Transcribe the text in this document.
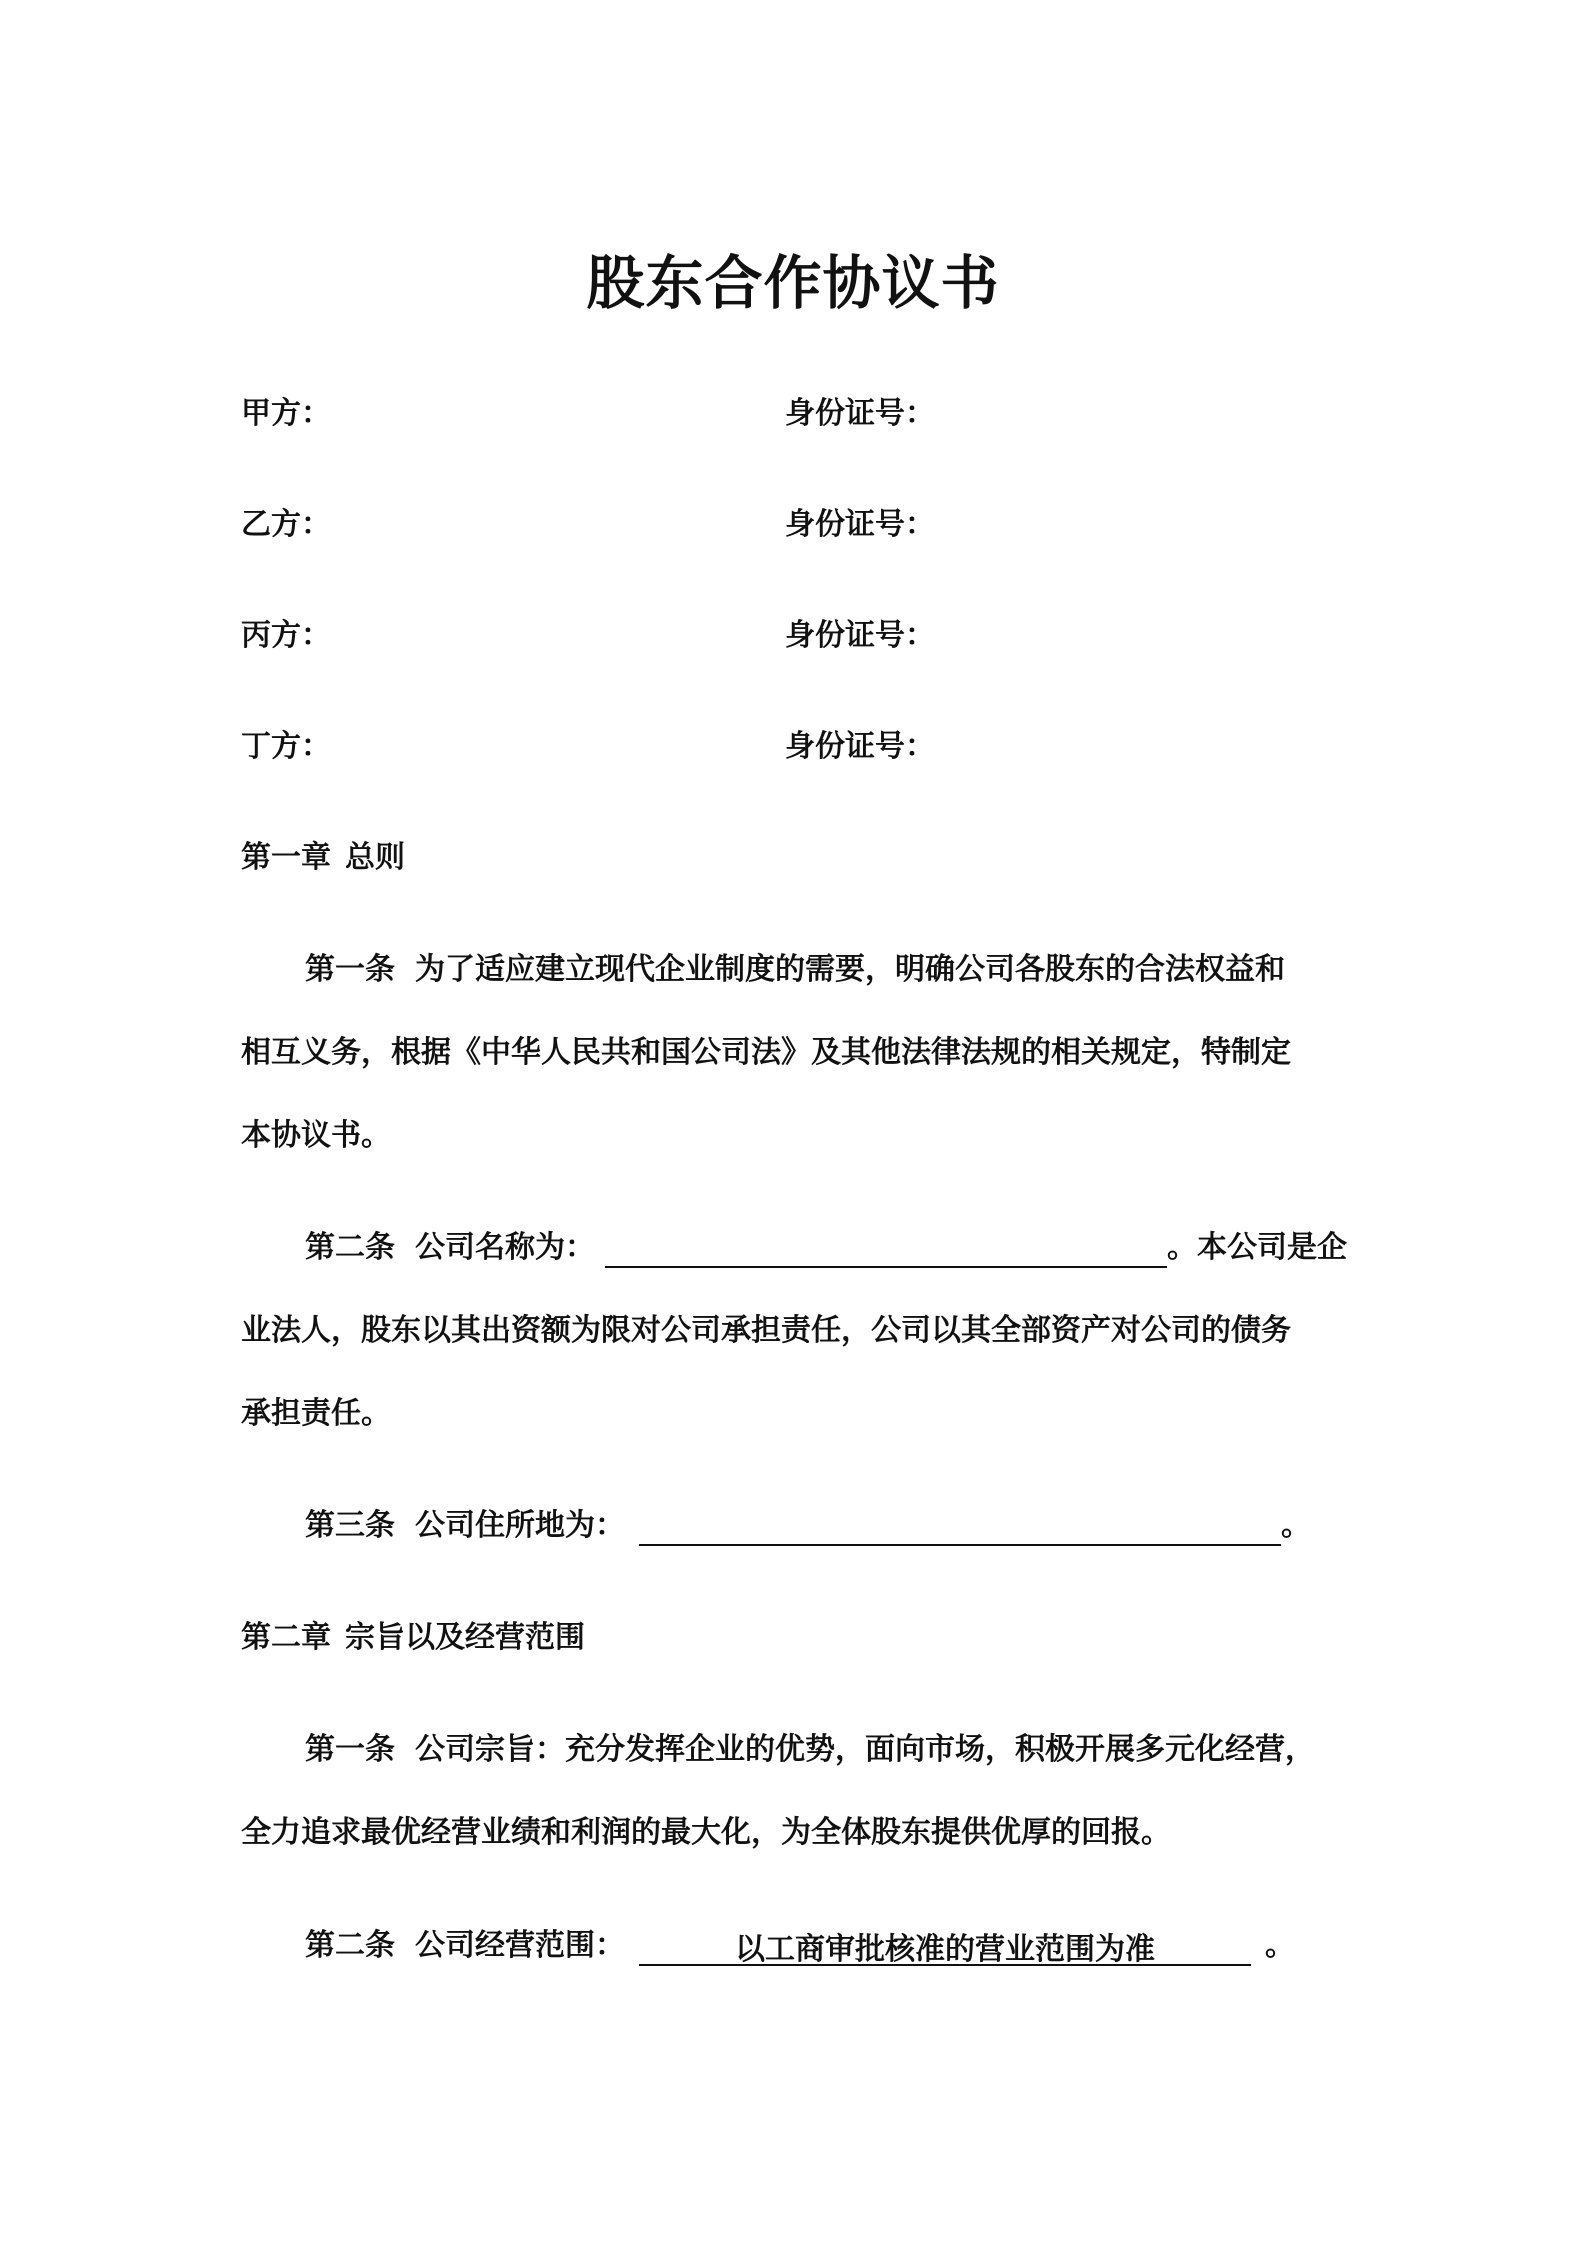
股东合作协议书
甲方：	身份证号：
乙方：	身份证号：
丙方：	身份证号：
丁方：	身份证号：
第一章 总则
第一条 为了适应建立现代企业制度的需要，明确公司各股东的合法权益和
相互义务，根据《中华人民共和国公司法》及其他法律法规的相关规定，特制定
本协议书。
第二条 公司名称为：	。本公司是企
业法人，股东以其出资额为限对公司承担责任，公司以其全部资产对公司的债务
承担责任。
第三条 公司住所地为：	。
第二章 宗旨以及经营范围
第一条 公司宗旨：充分发挥企业的优势，面向市场，积极开展多元化经营，
全力追求最优经营业绩和利润的最大化，为全体股东提供优厚的回报。
第二条 公司经营范围：	以工商审批核准的营业范围为准	。
